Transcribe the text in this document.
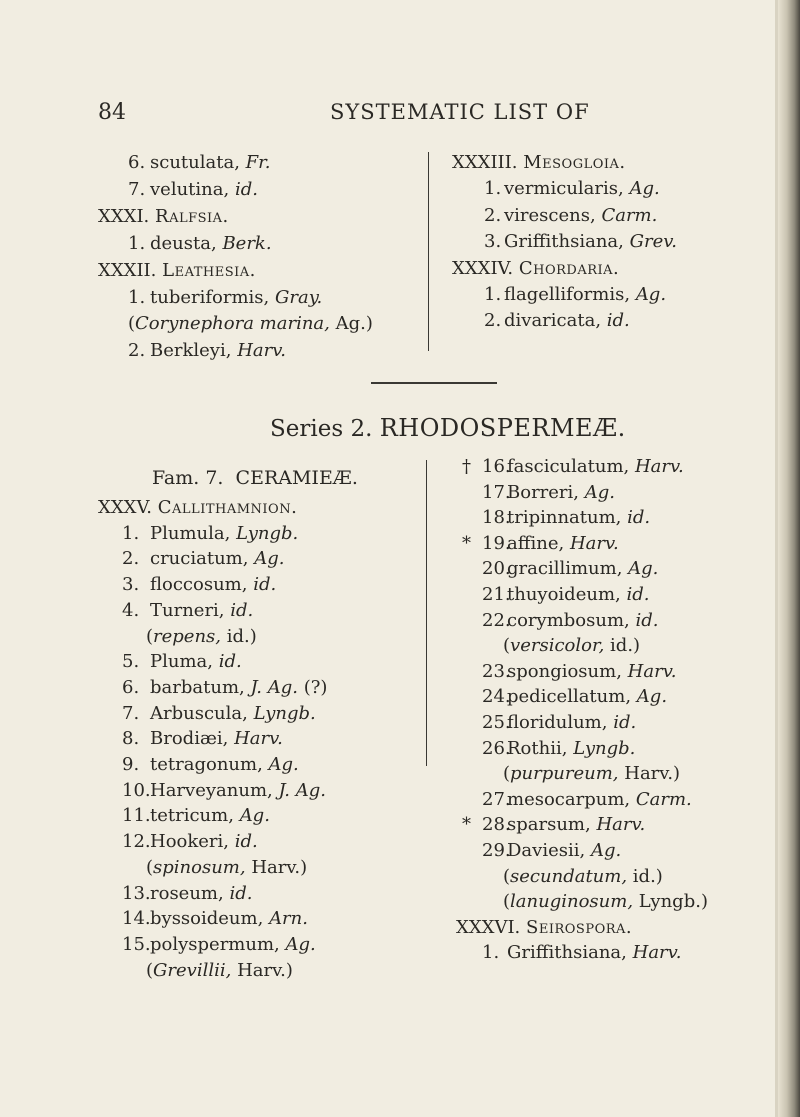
84	SYSTEMATIC LIST OF
6. scutulata, Fr.
7. velutina, id.
XXXI. Ralfsia.
1. deusta, Berk.
XXXII. Leathesia.
1. tuberiformis, Gray.
(Corynephora marina, Ag.)
2. Berkleyi, Harv.
XXXIII. Mesogloia.
1. vermicularis, Ag.
2. virescens, Carm.
3. Griffithsiana, Grev.
XXXIV. Chordaria.
1. flagelliformis, Ag.
2. divaricata, id.
Series 2. RHODOSPERMEÆ.
Fam. 7. CERAMIEÆ.
XXXV. Callithamnion.
1. Plumula, Lyngb.
2. cruciatum, Ag.
3. floccosum, id.
4. Turneri, id.
(repens, id.)
5. Pluma, id.
6. barbatum, J. Ag. (?)
7. Arbuscula, Lyngb.
8. Brodiæi, Harv.
9. tetragonum, Ag.
10. Harveyanum, J. Ag.
11. tetricum, Ag.
12. Hookeri, id.
(spinosum, Harv.)
13. roseum, id.
14. byssoideum, Arn.
15. polyspermum, Ag.
(Grevillii, Harv.)
† 16.
fasciculatum, Harv.
17.
Borreri, Ag.
18.
tripinnatum, id.
* 19.
affine, Harv.
20.
gracillimum, Ag.
21.
thuyoideum, id.
22.
corymbosum, id.
(versicolor, id.)
23.
spongiosum, Harv.
24.
pedicellatum, Ag.
25.
floridulum, id.
26.
Rothii, Lyngb.
(purpureum, Harv.)
27.
mesocarpum, Carm.
* 28.
sparsum, Harv.
29.
Daviesii, Ag.
(secundatum, id.)
(lanuginosum, Lyngb.)
XXXVI. Seirospora.
1. Griffithsiana, Harv.
